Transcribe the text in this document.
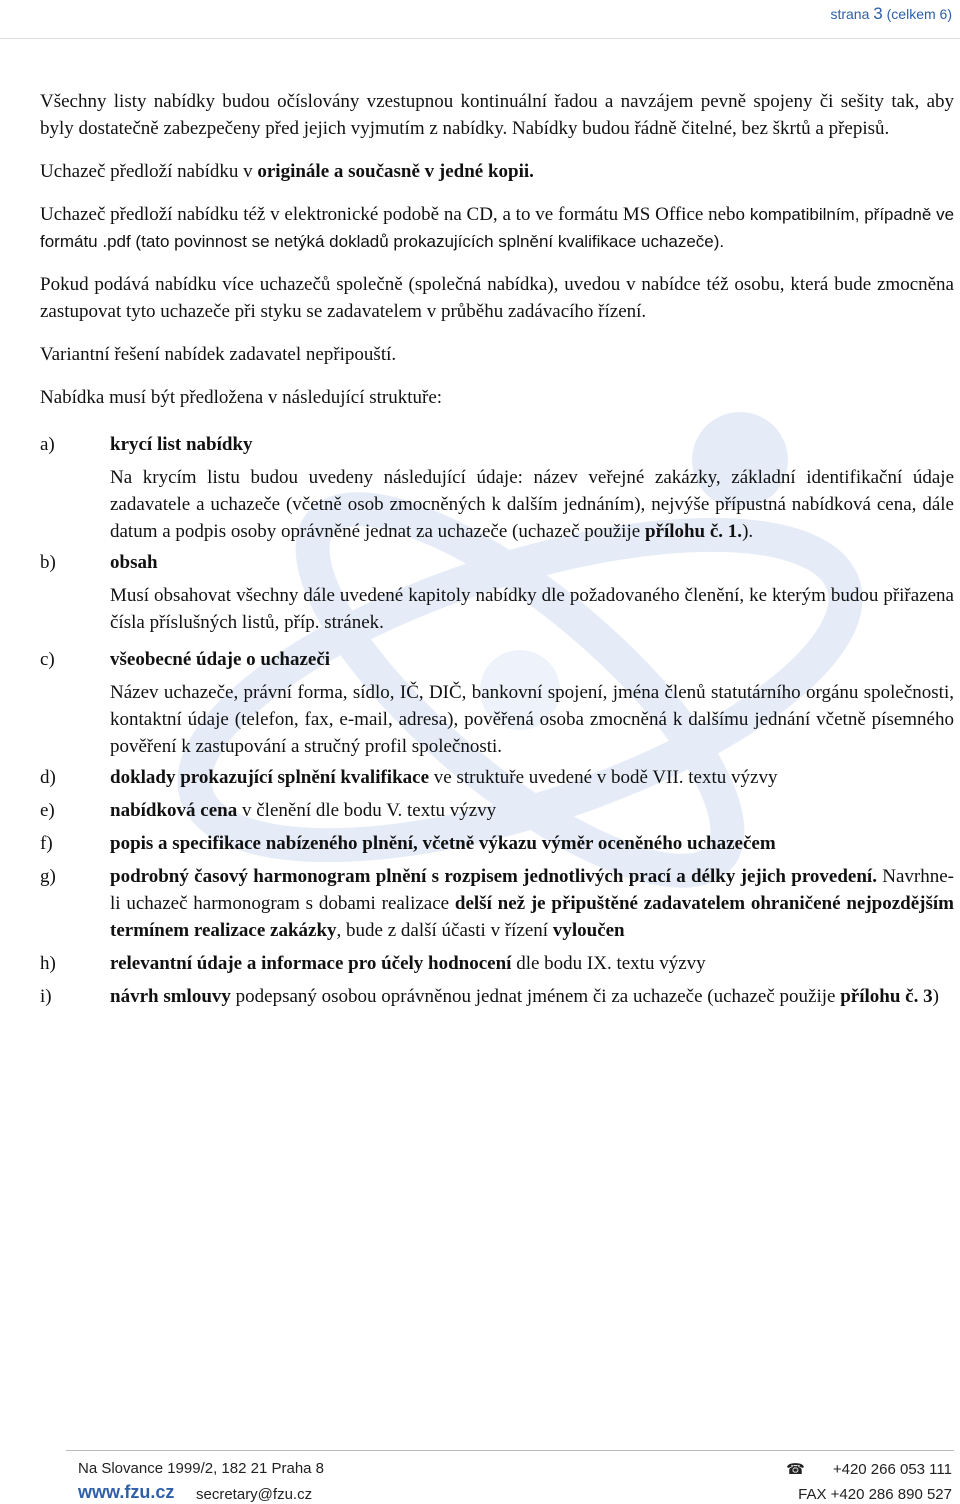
strana 3 (celkem 6)

Všechny listy nabídky budou očíslovány vzestupnou kontinuální řadou a navzájem pevně spojeny či sešity tak, aby byly dostatečně zabezpečeny před jejich vyjmutím z nabídky. Nabídky budou řádně čitelné, bez škrtů a přepisů.

Uchazeč předloží nabídku v originále a současně v jedné kopii.

Uchazeč předloží nabídku též v elektronické podobě na CD, a to ve formátu MS Office nebo kompatibilním, případně ve formátu .pdf (tato povinnost se netýká dokladů prokazujících splnění kvalifikace uchazeče).

Pokud podává nabídku více uchazečů společně (společná nabídka), uvedou v nabídce též osobu, která bude zmocněna zastupovat tyto uchazeče při styku se zadavatelem v průběhu zadávacího řízení.

Variantní řešení nabídek zadavatel nepřipouští.

Nabídka musí být předložena v následující struktuře:

a)	krycí list nabídky
Na krycím listu budou uvedeny následující údaje: název veřejné zakázky, základní identifikační údaje zadavatele a uchazeče (včetně osob zmocněných k dalším jednáním), nejvýše přípustná nabídková cena, dále datum a podpis osoby oprávněné jednat za uchazeče (uchazeč použije přílohu č. 1.).
b)	obsah
Musí obsahovat všechny dále uvedené kapitoly nabídky dle požadovaného členění, ke kterým budou přiřazena čísla příslušných listů, příp. stránek.
c)	všeobecné údaje o uchazeči
Název uchazeče, právní forma, sídlo, IČ, DIČ, bankovní spojení, jména členů statutárního orgánu společnosti, kontaktní údaje (telefon, fax, e-mail, adresa), pověřená osoba zmocněná k dalšímu jednání včetně písemného pověření k zastupování a stručný profil společnosti.
d)	doklady prokazující splnění kvalifikace ve struktuře uvedené v bodě VII. textu výzvy
e)	nabídková cena v členění dle bodu V. textu výzvy
f)	popis a specifikace nabízeného plnění, včetně výkazu výměr oceněného uchazečem
g)	podrobný časový harmonogram plnění s rozpisem jednotlivých prací a délky jejich provedení. Navrhne-li uchazeč harmonogram s dobami realizace delší než je připuštěné zadavatelem ohraničené nejpozdějším termínem realizace zakázky, bude z další účasti v řízení vyloučen
h)	relevantní údaje a informace pro účely hodnocení dle bodu IX. textu výzvy
i)	návrh smlouvy podepsaný osobou oprávněnou jednat jménem či za uchazeče (uchazeč použije přílohu č. 3)
Na Slovance 1999/2, 182 21 Praha 8	☎ +420 266 053 111
www.fzu.cz secretary@fzu.cz	FAX +420 286 890 527
